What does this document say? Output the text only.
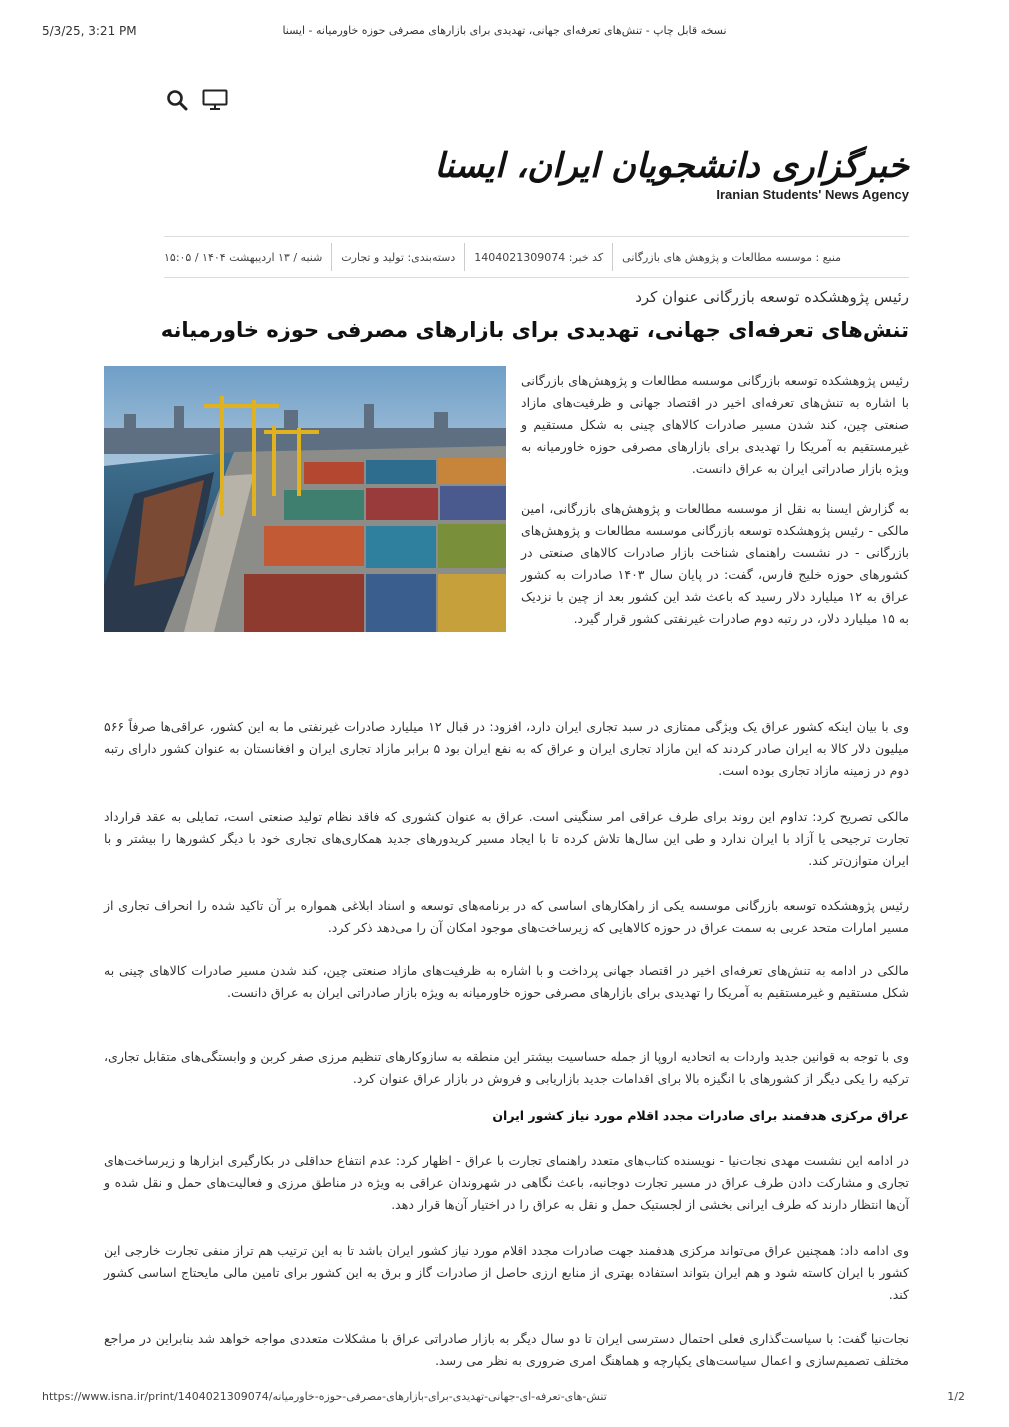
5/3/25, 3:21 PM	نسخه قابل چاپ - تنش‌های تعرفه‌ای جهانی، تهدیدی برای بازارهای مصرفی حوزه خاورمیانه - ایسنا
خبرگزاری دانشجویان ایران، ایسنا
Iranian Students' News Agency
شنبه / ۱۳ اردیبهشت ۱۴۰۴ / ۱۵:۰۵ دسته‌بندی: تولید و تجارت کد خبر: 1404021309074 منبع : موسسه مطالعات و پژوهش های بازرگانی
رئیس پژوهشکده توسعه بازرگانی عنوان کرد
تنش‌های تعرفه‌ای جهانی، تهدیدی برای بازارهای مصرفی حوزه خاورمیانه

رئیس پژوهشکده توسعه بازرگانی موسسه مطالعات و پژوهش‌های بازرگانی با اشاره به تنش‌های تعرفه‌ای اخیر در اقتصاد جهانی و ظرفیت‌های مازاد صنعتی چین، کند شدن مسیر صادرات کالاهای چینی به شکل مستقیم و غیرمستقیم به آمریکا را تهدیدی برای بازارهای مصرفی حوزه خاورمیانه به ویژه بازار صادراتی ایران به عراق دانست.

به گزارش ایسنا به نقل از موسسه مطالعات و پژوهش‌های بازرگانی، امین مالکی - رئیس پژوهشکده توسعه بازرگانی موسسه مطالعات و پژوهش‌های بازرگانی - در نشست راهنمای شناخت بازار صادرات کالاهای صنعتی در کشورهای حوزه خلیج فارس، گفت: در پایان سال ۱۴۰۳ صادرات به کشور عراق به ۱۲ میلیارد دلار رسید که باعث شد این کشور بعد از چین با نزدیک به ۱۵ میلیارد دلار، در رتبه دوم صادرات غیرنفتی کشور قرار گیرد.

وی با بیان اینکه کشور عراق یک ویژگی ممتازی در سبد تجاری ایران دارد، افزود: در قبال ۱۲ میلیارد صادرات غیرنفتی ما به این کشور، عراقی‌ها صرفاً ۵۶۶ میلیون دلار کالا به ایران صادر کردند که این مازاد تجاری ایران و عراق که به نفع ایران بود ۵ برابر مازاد تجاری ایران و افغانستان به عنوان کشور دارای رتبه دوم در زمینه مازاد تجاری بوده است.

مالکی تصریح کرد: تداوم این روند برای طرف عراقی امر سنگینی است. عراق به عنوان کشوری که فاقد نظام تولید صنعتی است، تمایلی به عقد قرارداد تجارت ترجیحی یا آزاد با ایران ندارد و طی این سال‌ها تلاش کرده تا با ایجاد مسیر کریدورهای جدید همکاری‌های تجاری خود با دیگر کشورها را بیشتر و با ایران متوازن‌تر کند.

رئیس پژوهشکده توسعه بازرگانی موسسه یکی از راهکارهای اساسی که در برنامه‌های توسعه و اسناد ابلاغی همواره بر آن تاکید شده را انحراف تجاری از مسیر امارات متحد عربی به سمت عراق در حوزه کالاهایی که زیرساخت‌های موجود امکان آن را می‌دهد ذکر کرد.

مالکی در ادامه به تنش‌های تعرفه‌ای اخیر در اقتصاد جهانی پرداخت و با اشاره به ظرفیت‌های مازاد صنعتی چین، کند شدن مسیر صادرات کالاهای چینی به شکل مستقیم و غیرمستقیم به آمریکا را تهدیدی برای بازارهای مصرفی حوزه خاورمیانه به ویژه بازار صادراتی ایران به عراق دانست.

وی با توجه به قوانین جدید واردات به اتحادیه اروپا از جمله حساسیت بیشتر این منطقه به سازوکارهای تنظیم مرزی صفر کربن و وابستگی‌های متقابل تجاری، ترکیه را یکی دیگر از کشورهای با انگیزه بالا برای اقدامات جدید بازاریابی و فروش در بازار عراق عنوان کرد.

عراق مرکزی هدفمند برای صادرات مجدد اقلام مورد نیاز کشور ایران

در ادامه این نشست مهدی نجات‌نیا - نویسنده کتاب‌های متعدد راهنمای تجارت با عراق - اظهار کرد: عدم انتفاع حداقلی در بکارگیری ابزارها و زیرساخت‌های تجاری و مشارکت دادن طرف عراق در مسیر تجارت دوجانبه، باعث نگاهی در شهروندان عراقی به ویژه در مناطق مرزی و فعالیت‌های حمل و نقل شده و آن‌ها انتظار دارند که طرف ایرانی بخشی از لجستیک حمل و نقل به عراق را در اختیار آن‌ها قرار دهد.

وی ادامه داد: همچنین عراق می‌تواند مرکزی هدفمند جهت صادرات مجدد اقلام مورد نیاز کشور ایران باشد تا به این ترتیب هم تراز منفی تجارت خارجی این کشور با ایران کاسته شود و هم ایران بتواند استفاده بهتری از منابع ارزی حاصل از صادرات گاز و برق به این کشور برای تامین مالی مایحتاج اساسی کشور کند.

نجات‌نیا گفت: با سیاست‌گذاری فعلی احتمال دسترسی ایران تا دو سال دیگر به بازار صادراتی عراق با مشکلات متعددی مواجه خواهد شد بنابراین در مراجع مختلف تصمیم‌سازی و اعمال سیاست‌های یکپارچه و هماهنگ امری ضروری به نظر می رسد.

https://www.isna.ir/print/1404021309074/تنش-های-تعرفه-ای-جهانی-تهدیدی-برای-بازارهای-مصرفی-حوزه-خاورمیانه	1/2
